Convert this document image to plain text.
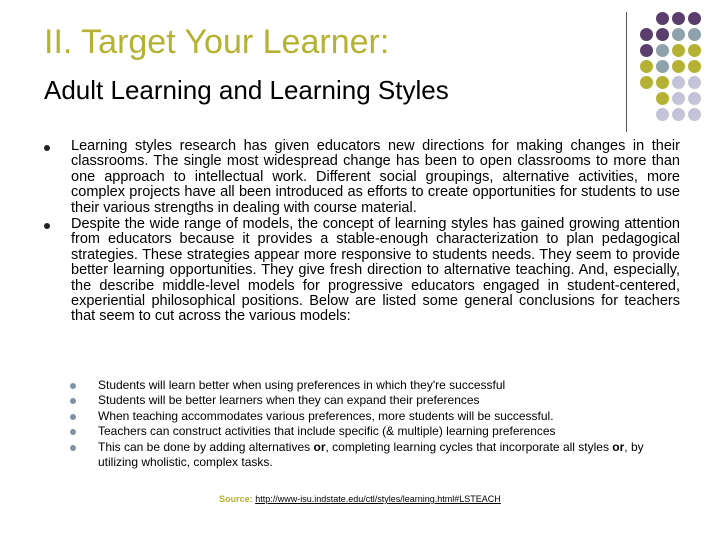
II. Target Your Learner:
Adult Learning and Learning Styles
Learning styles research has given educators new directions for making changes in their classrooms. The single most widespread change has been to open classrooms to more than one approach to intellectual work. Different social groupings, alternative activities, more complex projects have all been introduced as efforts to create opportunities for students to use their various strengths in dealing with course material.
Despite the wide range of models, the concept of learning styles has gained growing attention from educators because it provides a stable-enough characterization to plan pedagogical strategies. These strategies appear more responsive to students needs. They seem to provide better learning opportunities. They give fresh direction to alternative teaching. And, especially, the describe middle-level models for progressive educators engaged in student-centered, experiential philosophical positions. Below are listed some general conclusions for teachers that seem to cut across the various models:
Students will learn better when using preferences in which they're successful
Students will be better learners when they can expand their preferences
When teaching accommodates various preferences, more students will be successful.
Teachers can construct activities that include specific (& multiple) learning preferences
This can be done by adding alternatives or, completing learning cycles that incorporate all styles or, by utilizing wholistic, complex tasks.
Source: http://www-isu.indstate.edu/ctl/styles/learning.html#LSTEACH
